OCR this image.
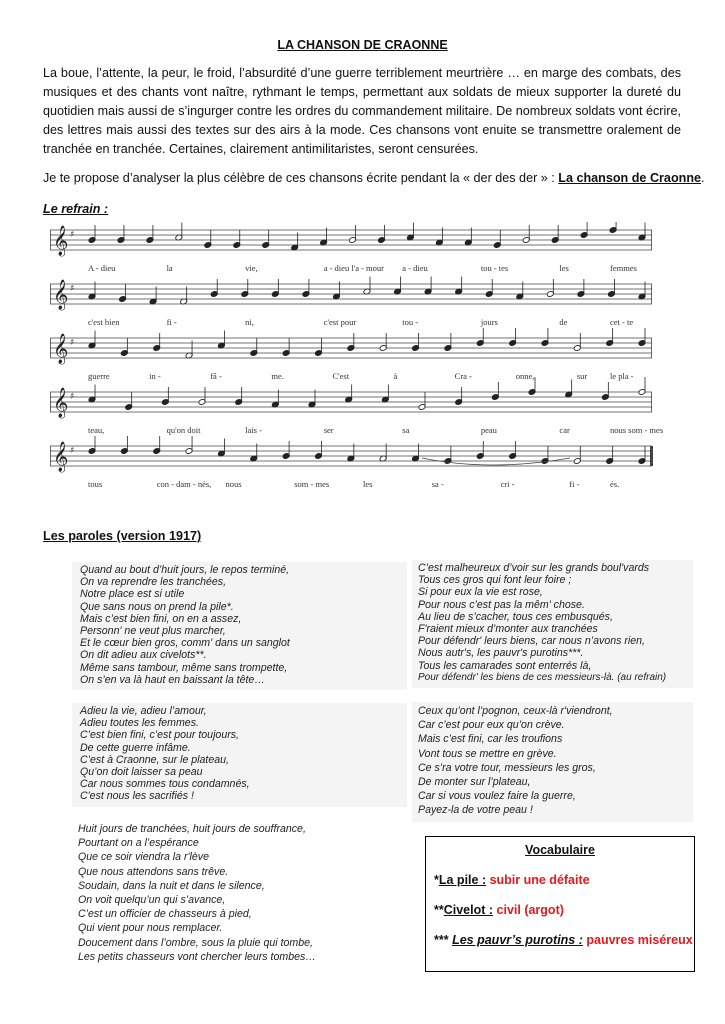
LA CHANSON DE CRAONNE
La boue, l’attente, la peur, le froid, l’absurdité d’une guerre terriblement meurtrière … en marge des combats, des musiques et des chants vont naître, rythmant le temps, permettant aux soldats de mieux supporter la dureté du quotidien mais aussi de s’ingurger contre les ordres du commandement militaire. De nombreux soldats vont écrire, des lettres mais aussi des textes sur des airs à la mode. Ces chansons vont enuite se transmettre oralement de tranchée en tranchée. Certaines, clairement antimilitaristes, seront censurées.
Je te propose d’analyser la plus célèbre de ces chansons écrite pendant la « der des der » : La chanson de Craonne.
Le refrain :
𝄞 ♯
𝄞 ♯
𝄞 ♯
𝄞 ♯
𝄞 ♯
A - dieu	la	vie,	a - dieu l'a - mour a - dieu	tou - tes	les	femmes
c'est bien	fi -	ni,	c'est pour	tou -	jours	de	cet - te
guerre	in -	fâ -	me.	C'est	à	Cra -	onne,	sur	le pla -
teau,	qu'on doit	lais -	ser	sa	peau	car	nous som - mes
tous	con - dam - nés, nous	som - mes	les	sa -	cri -	fi -	és.
Les paroles (version 1917)
Quand au bout d’huit jours, le repos terminé,
On va reprendre les tranchées,
Notre place est si utile
Que sans nous on prend la pile*.
Mais c’est bien fini, on en a assez,
Personn' ne veut plus marcher,
Et le cœur bien gros, comm' dans un sanglot
On dit adieu aux civelots**.
Même sans tambour, même sans trompette,
On s’en va là haut en baissant la tête…
Adieu la vie, adieu l’amour,
Adieu toutes les femmes.
C’est bien fini, c’est pour toujours,
De cette guerre infâme.
C’est à Craonne, sur le plateau,
Qu’on doit laisser sa peau
Car nous sommes tous condamnés,
C'est nous les sacrifiés !
Huit jours de tranchées, huit jours de souffrance,
Pourtant on a l’espérance
Que ce soir viendra la r'lève
Que nous attendons sans trêve.
Soudain, dans la nuit et dans le silence,
On voit quelqu’un qui s’avance,
C’est un officier de chasseurs à pied,
Qui vient pour nous remplacer.
Doucement dans l’ombre, sous la pluie qui tombe,
Les petits chasseurs vont chercher leurs tombes…
C’est malheureux d’voir sur les grands boul'vards
Tous ces gros qui font leur foire ;
Si pour eux la vie est rose,
Pour nous c’est pas la mêm' chose.
Au lieu de s’cacher, tous ces embusqués,
F'raient mieux d’monter aux tranchées
Pour défendr' leurs biens, car nous n’avons rien,
Nous autr's, les pauvr's purotins***.
Tous les camarades sont enterrés là,
Pour défendr' les biens de ces messieurs-là. (au refrain)
Ceux qu’ont l’pognon, ceux-là r'viendront,
Car c’est pour eux qu’on crève.
Mais c’est fini, car les troufions
Vont tous se mettre en grève.
Ce s’ra votre tour, messieurs les gros,
De monter sur l’plateau,
Car si vous voulez faire la guerre,
Payez-la de votre peau !
Vocabulaire
*La pile : subir une défaite
**Civelot : civil (argot)
*** Les pauvr’s purotins : pauvres miséreux
